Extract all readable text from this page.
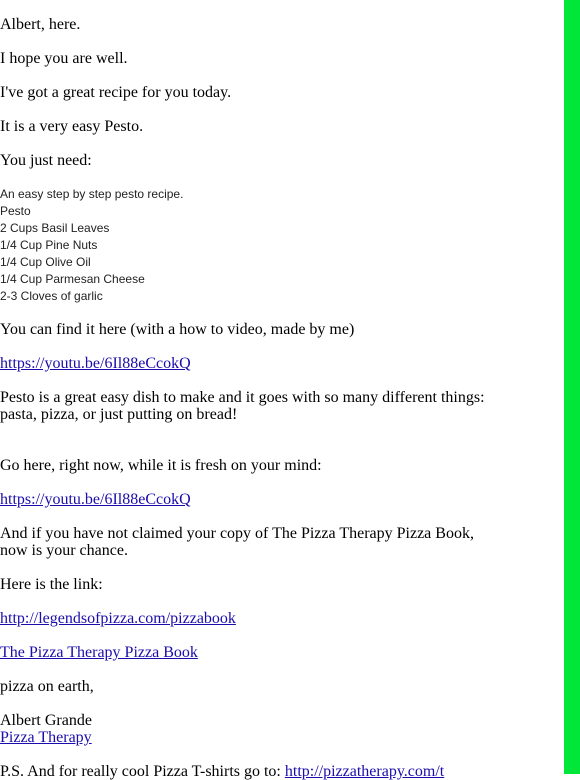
Albert, here.

I hope you are well.

I've got a great recipe for you today.

It is a very easy Pesto.

You just need:

An easy step by step pesto recipe.
Pesto
2 Cups Basil Leaves
1/4 Cup Pine Nuts
1/4 Cup Olive Oil
1/4 Cup Parmesan Cheese
2-3 Cloves of garlic

You can find it here (with a how to video, made by me)

https://youtu.be/6Il88eCcokQ

Pesto is a great easy dish to make and it goes with so many different things:

pasta, pizza, or just putting on bread!

Go here, right now, while it is fresh on your mind:

https://youtu.be/6Il88eCcokQ

And if you have not claimed your copy of The Pizza Therapy Pizza Book,

now is your chance.

Here is the link:

http://legendsofpizza.com/pizzabook

The Pizza Therapy Pizza Book

pizza on earth,

Albert Grande

Pizza Therapy

P.S. And for really cool Pizza T-shirts go to: http://pizzatherapy.com/t
